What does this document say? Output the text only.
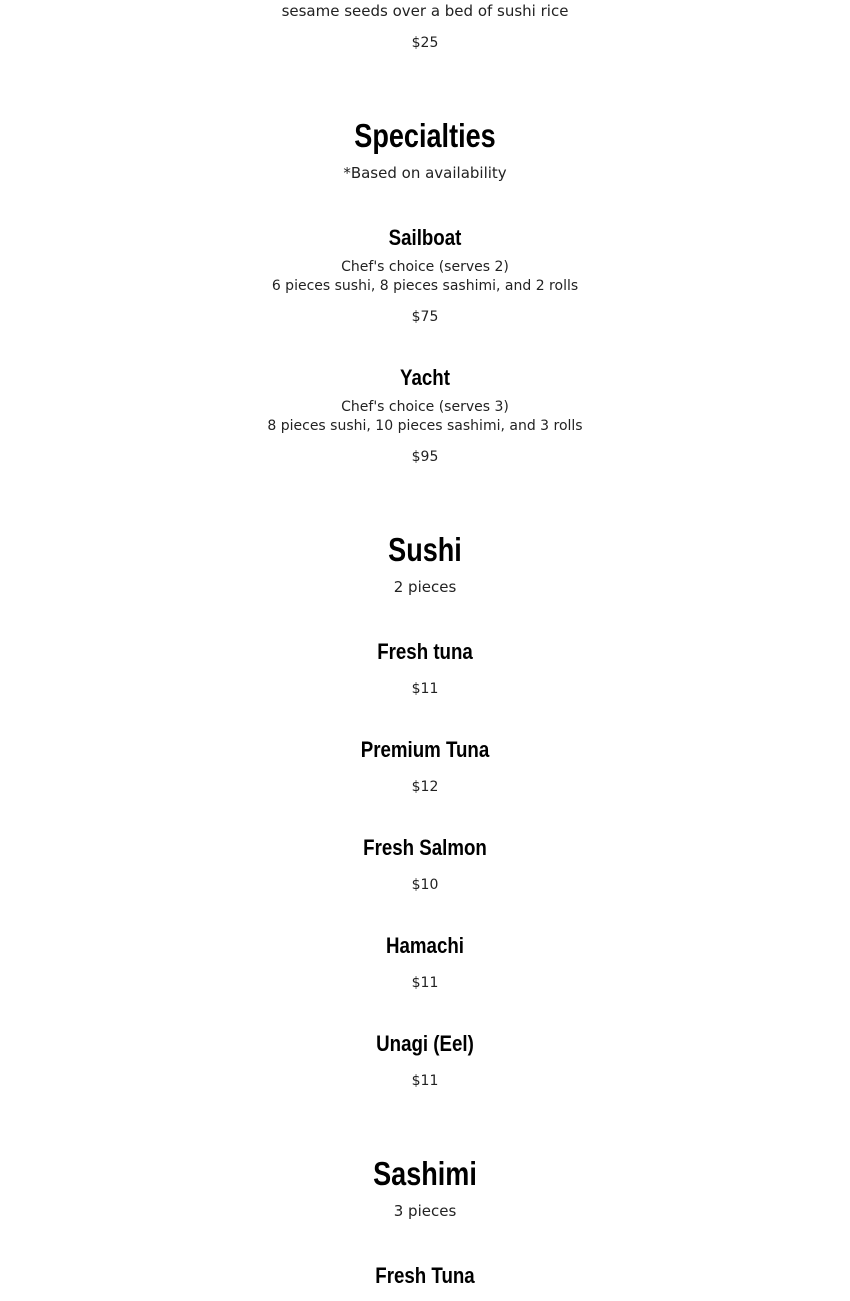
sesame seeds over a bed of sushi rice
$25
Specialties
*Based on availability
Sailboat
Chef's choice (serves 2)
6 pieces sushi, 8 pieces sashimi, and 2 rolls
$75
Yacht
Chef's choice (serves 3)
8 pieces sushi, 10 pieces sashimi, and 3 rolls
$95
Sushi
2 pieces
Fresh tuna
$11
Premium Tuna
$12
Fresh Salmon
$10
Hamachi
$11
Unagi (Eel)
$11
Sashimi
3 pieces
Fresh Tuna
